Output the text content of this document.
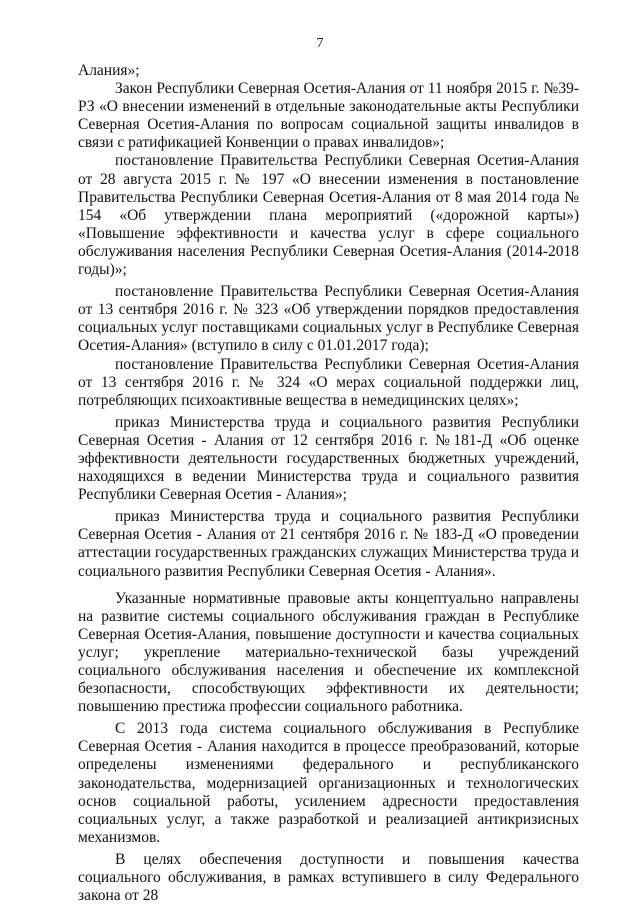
7

Алания»;

Закон Республики Северная Осетия-Алания от 11 ноября 2015 г. №39-РЗ «О внесении изменений в отдельные законодательные акты Республики Северная Осетия-Алания по вопросам социальной защиты инвалидов в связи с ратификацией Конвенции о правах инвалидов»;

постановление Правительства Республики Северная Осетия-Алания от 28 августа 2015 г. № 197 «О внесении изменения в постановление Правительства Республики Северная Осетия-Алания от 8 мая 2014 года № 154 «Об утверждении плана мероприятий («дорожной карты») «Повышение эффективности и качества услуг в сфере социального обслуживания населения Республики Северная Осетия-Алания (2014-2018 годы)»;

постановление Правительства Республики Северная Осетия-Алания от 13 сентября 2016 г. № 323 «Об утверждении порядков предоставления социальных услуг поставщиками социальных услуг в Республике Северная Осетия-Алания» (вступило в силу с 01.01.2017 года);

постановление Правительства Республики Северная Осетия-Алания от 13 сентября 2016 г. № 324 «О мерах социальной поддержки лиц, потребляющих психоактивные вещества в немедицинских целях»;

приказ Министерства труда и социального развития Республики Северная Осетия - Алания от 12 сентября 2016 г. №181-Д «Об оценке эффективности деятельности государственных бюджетных учреждений, находящихся в ведении Министерства труда и социального развития Республики Северная Осетия - Алания»;

приказ Министерства труда и социального развития Республики Северная Осетия - Алания от 21 сентября 2016 г. № 183-Д «О проведении аттестации государственных гражданских служащих Министерства труда и социального развития Республики Северная Осетия - Алания».

Указанные нормативные правовые акты концептуально направлены на развитие системы социального обслуживания граждан в Республике Северная Осетия-Алания, повышение доступности и качества социальных услуг; укрепление материально-технической базы учреждений социального обслуживания населения и обеспечение их комплексной безопасности, способствующих эффективности их деятельности; повышению престижа профессии социального работника.

С 2013 года система социального обслуживания в Республике Северная Осетия - Алания находится в процессе преобразований, которые определены изменениями федерального и республиканского законодательства, модернизацией организационных и технологических основ социальной работы, усилением адресности предоставления социальных услуг, а также разработкой и реализацией антикризисных механизмов.

В целях обеспечения доступности и повышения качества социального обслуживания, в рамках вступившего в силу Федерального закона от 28
